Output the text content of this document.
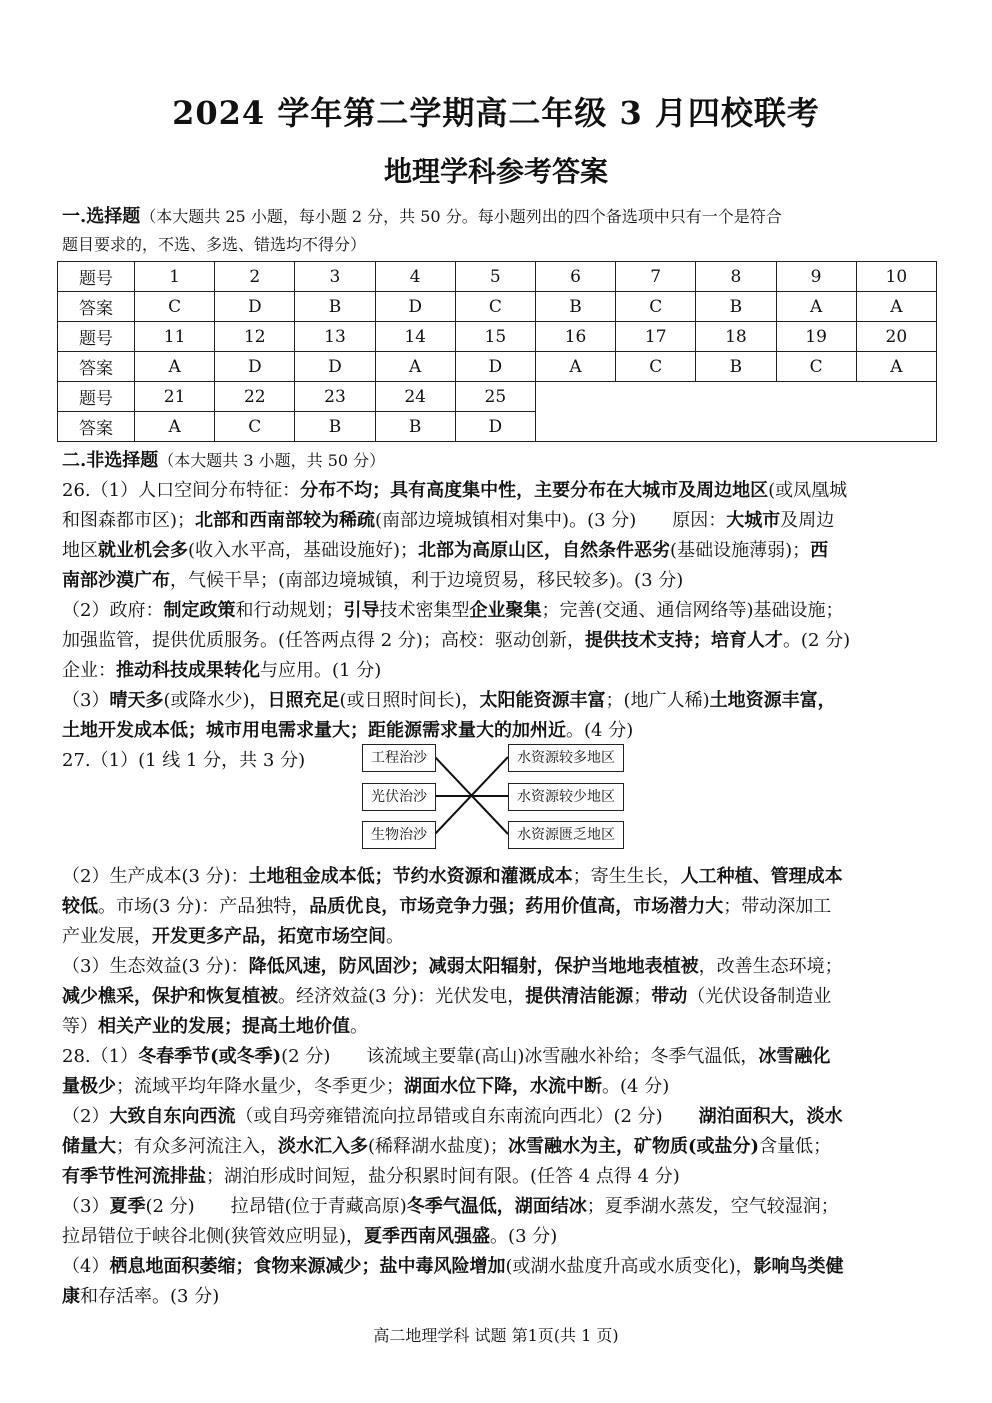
2024 学年第二学期高二年级 3 月四校联考
地理学科参考答案
一.选择题（本大题共 25 小题，每小题 2 分，共 50 分。每小题列出的四个备选项中只有一个是符合
题目要求的，不选、多选、错选均不得分）
题号	1	2	3	4	5	6	7	8	9	10
答案	C	D	B	D	C	B	C	B	A	A
题号	11	12	13	14	15	16	17	18	19	20
答案	A	D	D	A	D	A	C	B	C	A
题号	21	22	23	24	25					
答案	A	C	B	B	D					
二.非选择题（本大题共 3 小题，共 50 分）
26.（1）人口空间分布特征：分布不均；具有高度集中性，主要分布在大城市及周边地区(或凤凰城
和图森都市区)；北部和西南部较为稀疏(南部边境城镇相对集中)。(3 分)　　原因：大城市及周边
地区就业机会多(收入水平高，基础设施好)；北部为高原山区，自然条件恶劣(基础设施薄弱)；西
南部沙漠广布，气候干旱；(南部边境城镇，利于边境贸易，移民较多)。(3 分)
（2）政府：制定政策和行动规划；引导技术密集型企业聚集；完善(交通、通信网络等)基础设施；
加强监管，提供优质服务。(任答两点得 2 分)；高校：驱动创新，提供技术支持；培育人才。(2 分)
企业：推动科技成果转化与应用。(1 分)
（3）晴天多(或降水少)，日照充足(或日照时间长)，太阳能资源丰富；(地广人稀)土地资源丰富，
土地开发成本低；城市用电需求量大；距能源需求量大的加州近。(4 分)
27.（1）(1 线 1 分，共 3 分)	工程治沙
光伏治沙
生物治沙
水资源较多地区
水资源较少地区
水资源匮乏地区
（2）生产成本(3 分)：土地租金成本低；节约水资源和灌溉成本；寄生生长，人工种植、管理成本
较低。市场(3 分)：产品独特，品质优良，市场竞争力强；药用价值高，市场潜力大；带动深加工
产业发展，开发更多产品，拓宽市场空间。
（3）生态效益(3 分)：降低风速，防风固沙；减弱太阳辐射，保护当地地表植被，改善生态环境；
减少樵采，保护和恢复植被。经济效益(3 分)：光伏发电，提供清洁能源；带动（光伏设备制造业
等）相关产业的发展；提高土地价值。
28.（1）冬春季节(或冬季)(2 分)　　该流域主要靠(高山)冰雪融水补给；冬季气温低，冰雪融化
量极少；流域平均年降水量少，冬季更少；湖面水位下降，水流中断。(4 分)
（2）大致自东向西流（或自玛旁雍错流向拉昂错或自东南流向西北）(2 分)　　湖泊面积大，淡水
储量大；有众多河流注入，淡水汇入多(稀释湖水盐度)；冰雪融水为主，矿物质(或盐分)含量低；
有季节性河流排盐；湖泊形成时间短，盐分积累时间有限。(任答 4 点得 4 分)
（3）夏季(2 分)　　拉昂错(位于青藏高原)冬季气温低，湖面结冰；夏季湖水蒸发，空气较湿润；
拉昂错位于峡谷北侧(狭管效应明显)，夏季西南风强盛。(3 分)
（4）栖息地面积萎缩；食物来源减少；盐中毒风险增加(或湖水盐度升高或水质变化)，影响鸟类健
康和存活率。(3 分)
高二地理学科 试题 第1页(共 1 页)
